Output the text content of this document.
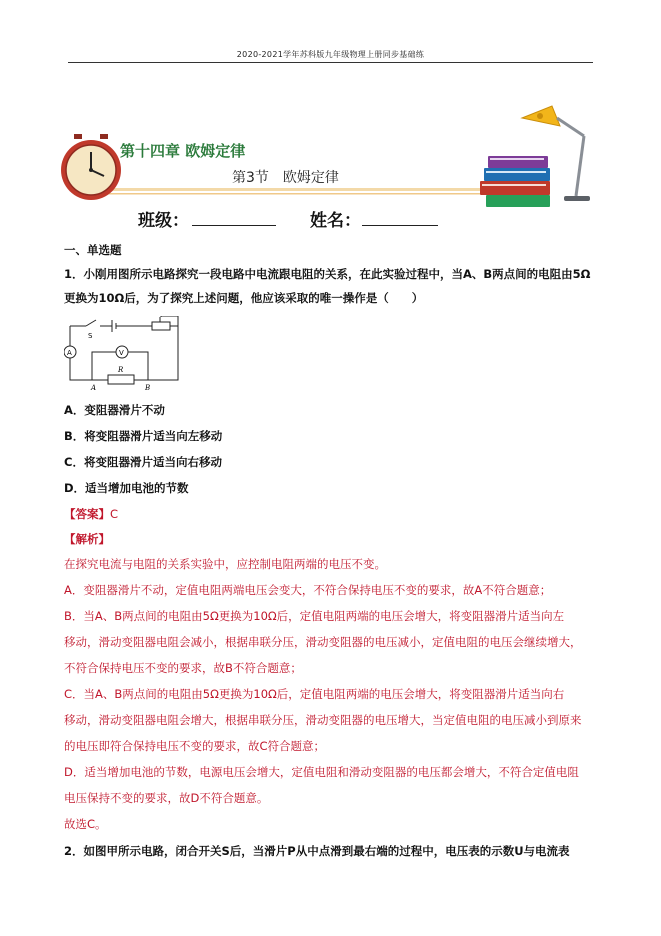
2020-2021学年苏科版九年级物理上册同步基础练
第十四章 欧姆定律
第3节　欧姆定律
班级：	姓名：
一、单选题
1．小刚用图所示电路探究一段电路中电流跟电阻的关系，在此实验过程中，当A、B两点间的电阻由5Ω
更换为10Ω后，为了探究上述问题，他应该采取的唯一操作是（　　）
S
A	V
R
A	B
A．变阻器滑片不动
B．将变阻器滑片适当向左移动
C．将变阻器滑片适当向右移动
D．适当增加电池的节数
【答案】C
【解析】
在探究电流与电阻的关系实验中，应控制电阻两端的电压不变。
A．变阻器滑片不动，定值电阻两端电压会变大，不符合保持电压不变的要求，故A不符合题意；
B．当A、B两点间的电阻由5Ω更换为10Ω后，定值电阻两端的电压会增大，将变阻器滑片适当向左
移动，滑动变阻器电阻会减小，根据串联分压，滑动变阻器的电压减小，定值电阻的电压会继续增大，
不符合保持电压不变的要求，故B不符合题意；
C．当A、B两点间的电阻由5Ω更换为10Ω后，定值电阻两端的电压会增大，将变阻器滑片适当向右
移动，滑动变阻器电阻会增大，根据串联分压，滑动变阻器的电压增大，当定值电阻的电压减小到原来
的电压即符合保持电压不变的要求，故C符合题意；
D．适当增加电池的节数，电源电压会增大，定值电阻和滑动变阻器的电压都会增大，不符合定值电阻
电压保持不变的要求，故D不符合题意。
故选C。
2．如图甲所示电路，闭合开关S后，当滑片P从中点滑到最右端的过程中，电压表的示数U与电流表
